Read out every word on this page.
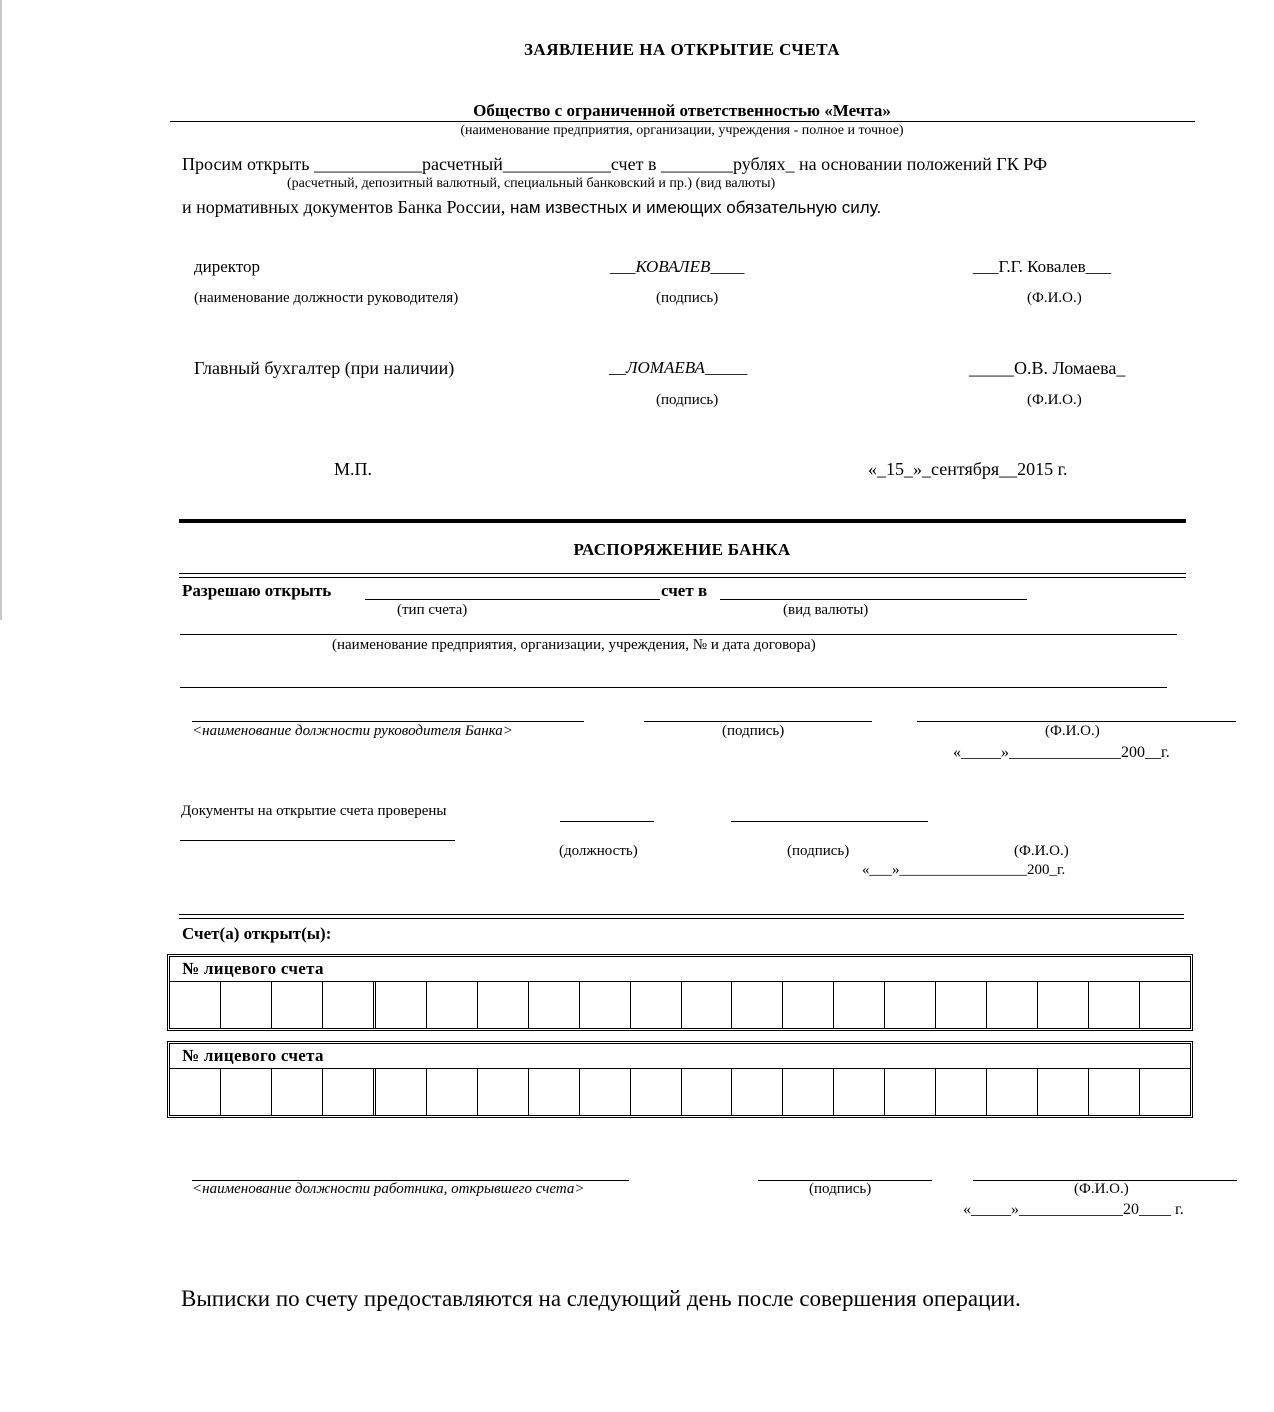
ЗАЯВЛЕНИЕ НА ОТКРЫТИЕ СЧЕТА
Общество с ограниченной ответственностью «Мечта»
(наименование предприятия, организации, учреждения - полное и точное)
Просим открыть ____________расчетный____________счет в ________рублях_ на основании положений ГК РФ
(расчетный, депозитный валютный, специальный банковский и пр.) (вид валюты)
и нормативных документов Банка России, нам известных и имеющих обязательную силу.
директор	___КОВАЛЕВ____	___Г.Г. Ковалев___
(наименование должности руководителя)	(подпись)	(Ф.И.О.)
Главный бухгалтер (при наличии)	__ЛОМАЕВА_____	_____О.В. Ломаева_
(подпись)	(Ф.И.О.)
М.П.	«_15_»_сентября__2015 г.
РАСПОРЯЖЕНИЕ БАНКА
Разрешаю открыть	счет в
(тип счета)	(вид валюты)
(наименование предприятия, организации, учреждения, № и дата договора)
<наименование должности руководителя Банка>	(подпись)	(Ф.И.О.)
«_____»______________200__г.
Документы на открытие счета проверены
(должность)	(подпись)	(Ф.И.О.)
«___»_________________200_г.
Счет(а) открыт(ы):
№ лицевого счета
№ лицевого счета
<наименование должности работника, открывшего счета>	(подпись)	(Ф.И.О.)
«_____»_____________20____ г.
Выписки по счету предоставляются на следующий день после совершения операции.
